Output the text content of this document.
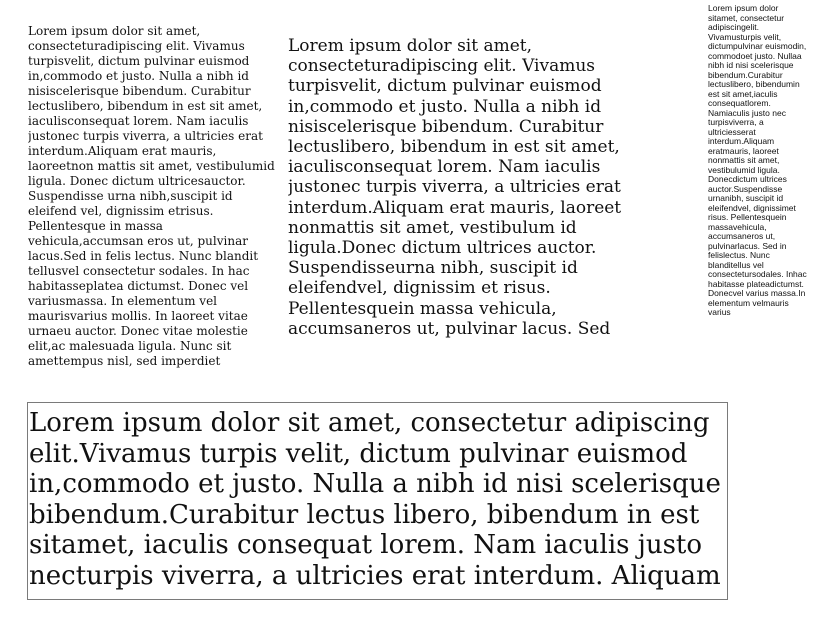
Lorem ipsum dolor sit amet, consecteturadipiscing elit. Vivamus turpisvelit, dictum pulvinar euismod in,commodo et justo. Nulla a nibh id nisiscelerisque bibendum. Curabitur lectuslibero, bibendum in est sit amet, iaculisconsequat lorem. Nam iaculis justonec turpis viverra, a ultricies erat interdum.Aliquam erat mauris, laoreetnon mattis sit amet, vestibulumid ligula. Donec dictum ultricesauctor. Suspendisse urna nibh,suscipit id eleifend vel, dignissim etrisus. Pellentesque in massa vehicula,accumsan eros ut, pulvinar lacus.Sed in felis lectus. Nunc blandit tellusvel consectetur sodales. In hac habitasseplatea dictumst. Donec vel variusmassa. In elementum vel maurisvarius mollis. In laoreet vitae urnaeu auctor. Donec vitae molestie elit,ac malesuada ligula. Nunc sit amettempus nisl, sed imperdiet

Lorem ipsum dolor sit amet, consecteturadipiscing elit. Vivamus turpisvelit, dictum pulvinar euismod in,commodo et justo. Nulla a nibh id nisiscelerisque bibendum. Curabitur lectuslibero, bibendum in est sit amet, iaculisconsequat lorem. Nam iaculis justonec turpis viverra, a ultricies erat interdum.Aliquam erat mauris, laoreet nonmattis sit amet, vestibulum id ligula.Donec dictum ultrices auctor. Suspendisseurna nibh, suscipit id eleifendvel, dignissim et risus. Pellentesquein massa vehicula, accumsaneros ut, pulvinar lacus. Sed

Lorem ipsum dolor sitamet, consectetur adipiscingelit. Vivamusturpis velit, dictumpulvinar euismodin, commodoet justo. Nullaa nibh id nisi scelerisque bibendum.Curabitur lectuslibero, bibendumin est sit amet,iaculis consequatlorem. Namiaculis justo nec turpisviverra, a ultriciesserat interdum.Aliquam eratmauris, laoreet nonmattis sit amet, vestibulumid ligula. Donecdictum ultrices auctor.Suspendisse urnanibh, suscipit id eleifendvel, dignissimet risus. Pellentesquein massavehicula, accumsaneros ut, pulvinarlacus. Sed in felislectus. Nunc blanditellus vel consectetursodales. Inhac habitasse plateadictumst. Donecvel varius massa.In elementum velmauris varius

Lorem ipsum dolor sit amet, consectetur adipiscing elit.Vivamus turpis velit, dictum pulvinar euismod in,commodo et justo. Nulla a nibh id nisi scelerisque bibendum.Curabitur lectus libero, bibendum in est sitamet, iaculis consequat lorem. Nam iaculis justo necturpis viverra, a ultricies erat interdum. Aliquam
